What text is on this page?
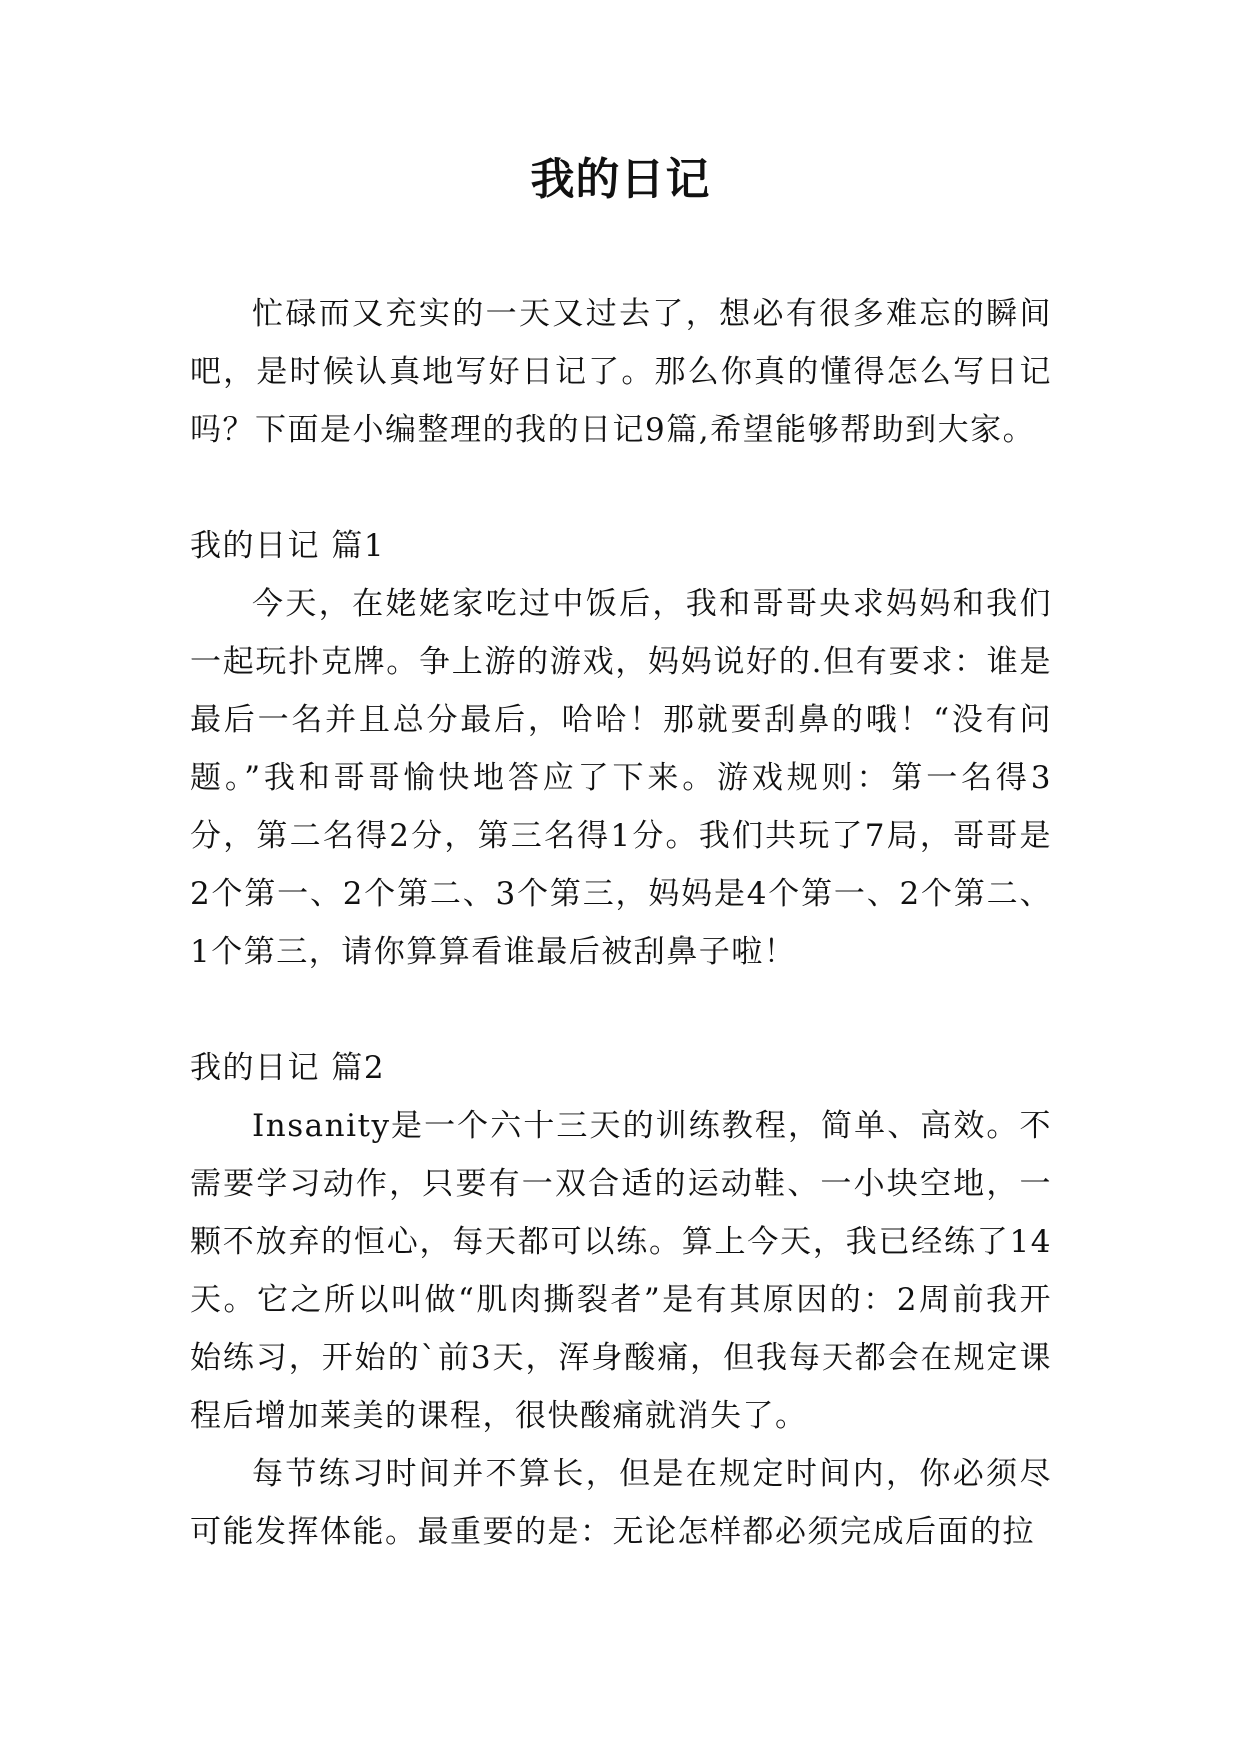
我的日记

忙碌而又充实的一天又过去了，想必有很多难忘的瞬间吧，是时候认真地写好日记了。那么你真的懂得怎么写日记吗？下面是小编整理的我的日记9篇,希望能够帮助到大家。

我的日记 篇1

今天，在姥姥家吃过中饭后，我和哥哥央求妈妈和我们一起玩扑克牌。争上游的游戏，妈妈说好的.但有要求：谁是最后一名并且总分最后，哈哈！那就要刮鼻的哦！“没有问题。”我和哥哥愉快地答应了下来。游戏规则：第一名得3分，第二名得2分，第三名得1分。我们共玩了7局，哥哥是2个第一、2个第二、3个第三，妈妈是4个第一、2个第二、1个第三，请你算算看谁最后被刮鼻子啦！

我的日记 篇2

Insanity是一个六十三天的训练教程，简单、高效。不需要学习动作，只要有一双合适的运动鞋、一小块空地，一颗不放弃的恒心，每天都可以练。算上今天，我已经练了14天。它之所以叫做“肌肉撕裂者”是有其原因的：2周前我开始练习，开始的`前3天，浑身酸痛，但我每天都会在规定课程后增加莱美的课程，很快酸痛就消失了。

每节练习时间并不算长，但是在规定时间内，你必须尽可能发挥体能。最重要的是：无论怎样都必须完成后面的拉
